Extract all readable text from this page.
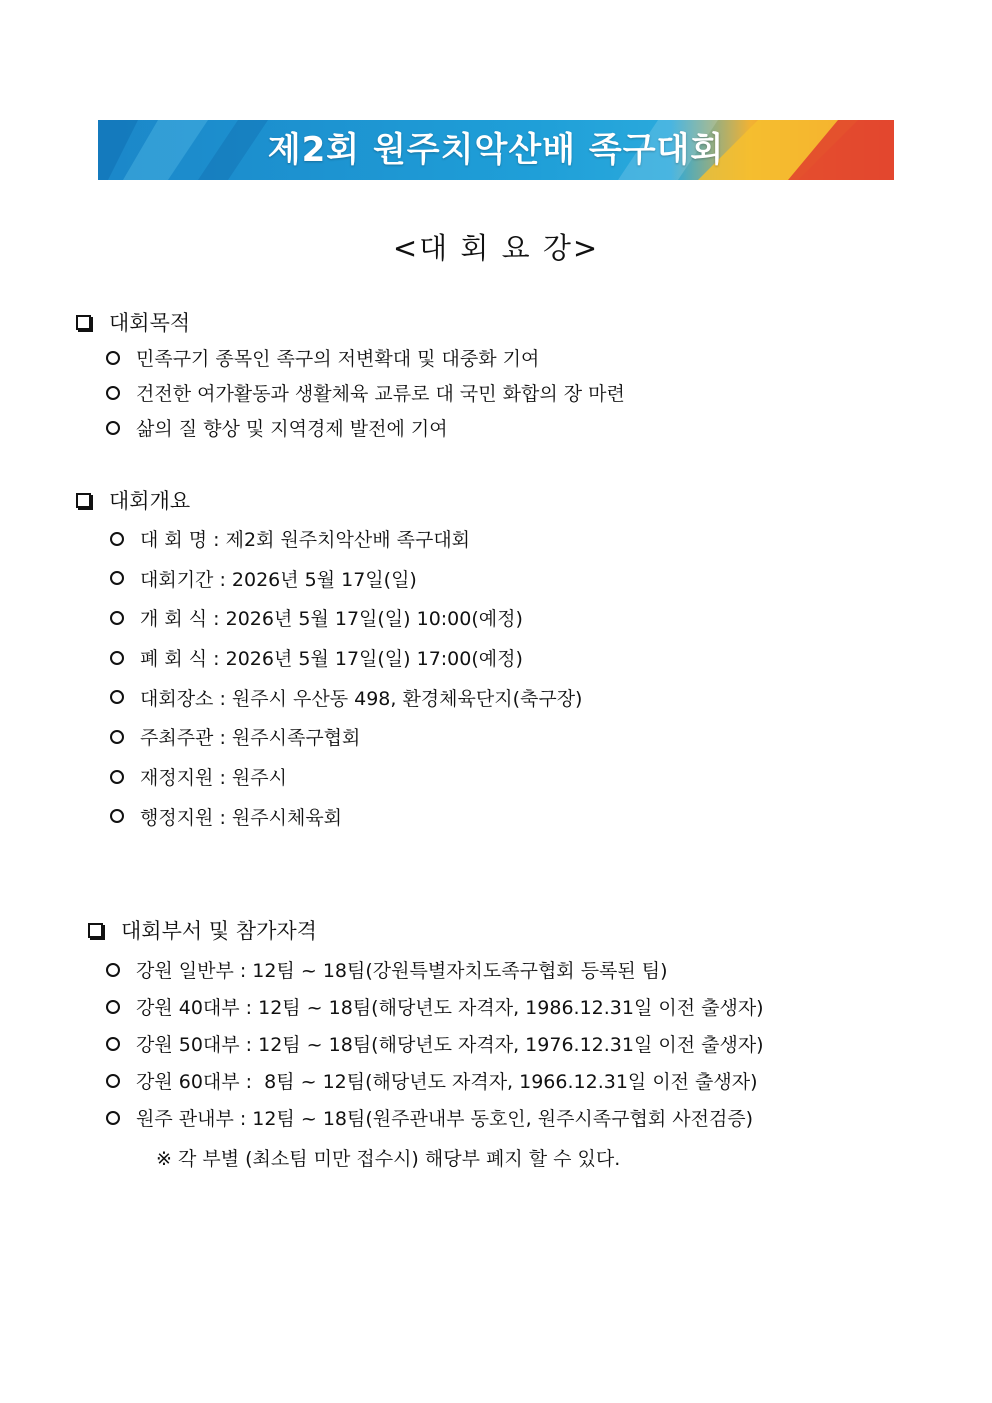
제2회 원주치악산배 족구대회
<대 회 요 강>
대회목적
민족구기 종목인 족구의 저변확대 및 대중화 기여
건전한 여가활동과 생활체육 교류로 대 국민 화합의 장 마련
삶의 질 향상 및 지역경제 발전에 기여
대회개요
대 회 명 : 제2회 원주치악산배 족구대회
대회기간 : 2026년 5월 17일(일)
개 회 식 : 2026년 5월 17일(일) 10:00(예정)
폐 회 식 : 2026년 5월 17일(일) 17:00(예정)
대회장소 : 원주시 우산동 498, 환경체육단지(축구장)
주최주관 : 원주시족구협회
재정지원 : 원주시
행정지원 : 원주시체육회
대회부서 및 참가자격
강원 일반부 : 12팀 ~ 18팀(강원특별자치도족구협회 등록된 팀)
강원 40대부 : 12팀 ~ 18팀(해당년도 자격자, 1986.12.31일 이전 출생자)
강원 50대부 : 12팀 ~ 18팀(해당년도 자격자, 1976.12.31일 이전 출생자)
강원 60대부 :  8팀 ~ 12팀(해당년도 자격자, 1966.12.31일 이전 출생자)
원주 관내부 : 12팀 ~ 18팀(원주관내부 동호인, 원주시족구협회 사전검증)
※ 각 부별 (최소팀 미만 접수시) 해당부 폐지 할 수 있다.
